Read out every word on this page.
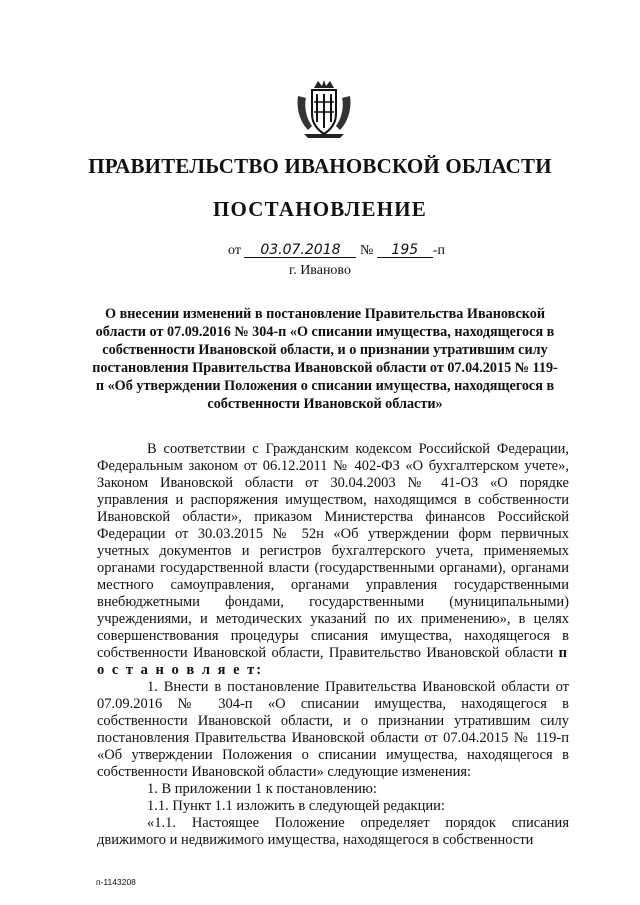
ПРАВИТЕЛЬСТВО ИВАНОВСКОЙ ОБЛАСТИ
ПОСТАНОВЛЕНИЕ
от 03.07.2018 № 195 -п
г. Иваново
О внесении изменений в постановление Правительства Ивановской области от 07.09.2016 № 304-п «О списании имущества, находящегося в собственности Ивановской области, и о признании утратившим силу постановления Правительства Ивановской области от 07.04.2015 № 119-п «Об утверждении Положения о списании имущества, находящегося в собственности Ивановской области»

В соответствии с Гражданским кодексом Российской Федерации, Федеральным законом от 06.12.2011 № 402-ФЗ «О бухгалтерском учете», Законом Ивановской области от 30.04.2003 № 41-ОЗ «О порядке управления и распоряжения имуществом, находящимся в собственности Ивановской области», приказом Министерства финансов Российской Федерации от 30.03.2015 № 52н «Об утверждении форм первичных учетных документов и регистров бухгалтерского учета, применяемых органами государственной власти (государственными органами), органами местного самоуправления, органами управления государственными внебюджетными фондами, государственными (муниципальными) учреждениями, и методических указаний по их применению», в целях совершенствования процедуры списания имущества, находящегося в собственности Ивановской области, Правительство Ивановской области п о с т а н о в л я е т:

1. Внести в постановление Правительства Ивановской области от 07.09.2016 № 304-п «О списании имущества, находящегося в собственности Ивановской области, и о признании утратившим силу постановления Правительства Ивановской области от 07.04.2015 № 119-п «Об утверждении Положения о списании имущества, находящегося в собственности Ивановской области» следующие изменения:

1. В приложении 1 к постановлению:

1.1. Пункт 1.1 изложить в следующей редакции:

«1.1. Настоящее Положение определяет порядок списания движимого и недвижимого имущества, находящегося в собственности

п-1143208
